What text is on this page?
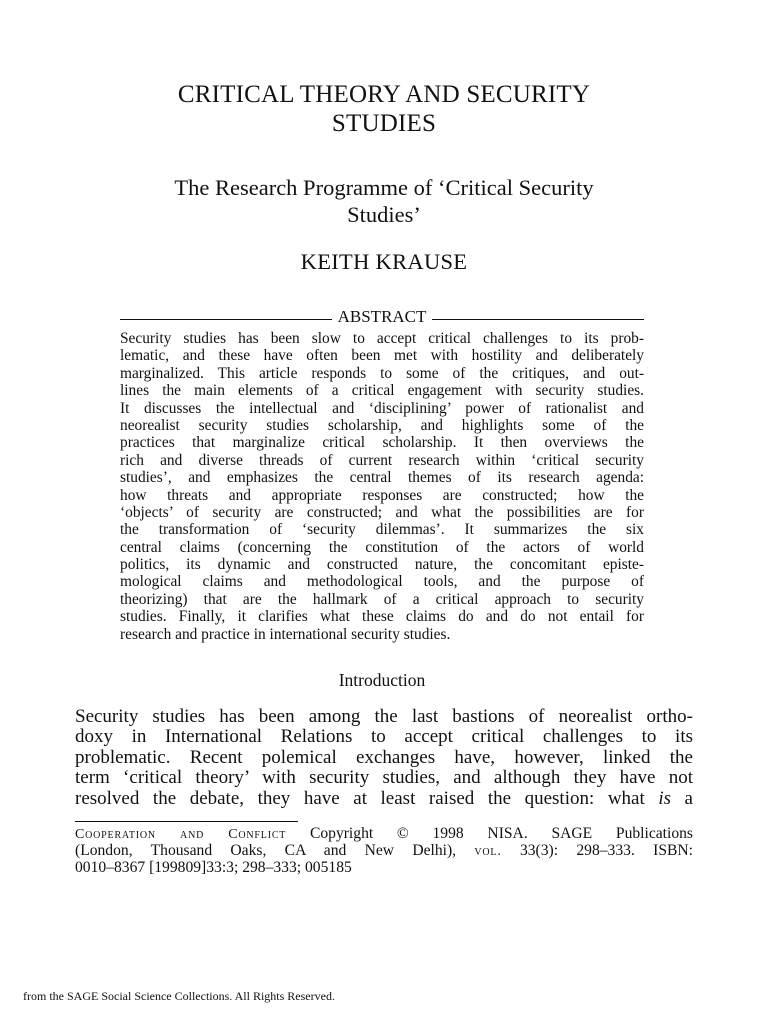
CRITICAL THEORY AND SECURITY
STUDIES
The Research Programme of ‘Critical Security
Studies’
KEITH KRAUSE
ABSTRACT
Security studies has been slow to accept critical challenges to its prob-
lematic, and these have often been met with hostility and deliberately
marginalized. This article responds to some of the critiques, and out-
lines the main elements of a critical engagement with security studies.
It discusses the intellectual and ‘disciplining’ power of rationalist and
neorealist security studies scholarship, and highlights some of the
practices that marginalize critical scholarship. It then overviews the
rich and diverse threads of current research within ‘critical security
studies’, and emphasizes the central themes of its research agenda:
how threats and appropriate responses are constructed; how the
‘objects’ of security are constructed; and what the possibilities are for
the transformation of ‘security dilemmas’. It summarizes the six
central claims (concerning the constitution of the actors of world
politics, its dynamic and constructed nature, the concomitant episte-
mological claims and methodological tools, and the purpose of
theorizing) that are the hallmark of a critical approach to security
studies. Finally, it clarifies what these claims do and do not entail for
research and practice in international security studies.
Introduction
Security studies has been among the last bastions of neorealist ortho-
doxy in International Relations to accept critical challenges to its
problematic. Recent polemical exchanges have, however, linked the
term ‘critical theory’ with security studies, and although they have not
resolved the debate, they have at least raised the question: what is a
Cooperation and Conflict Copyright © 1998 NISA. SAGE Publications
(London, Thousand Oaks, CA and New Delhi), vol. 33(3): 298–333. ISBN:
0010–8367 [199809]33:3; 298–333; 005185
from the SAGE Social Science Collections. All Rights Reserved.
